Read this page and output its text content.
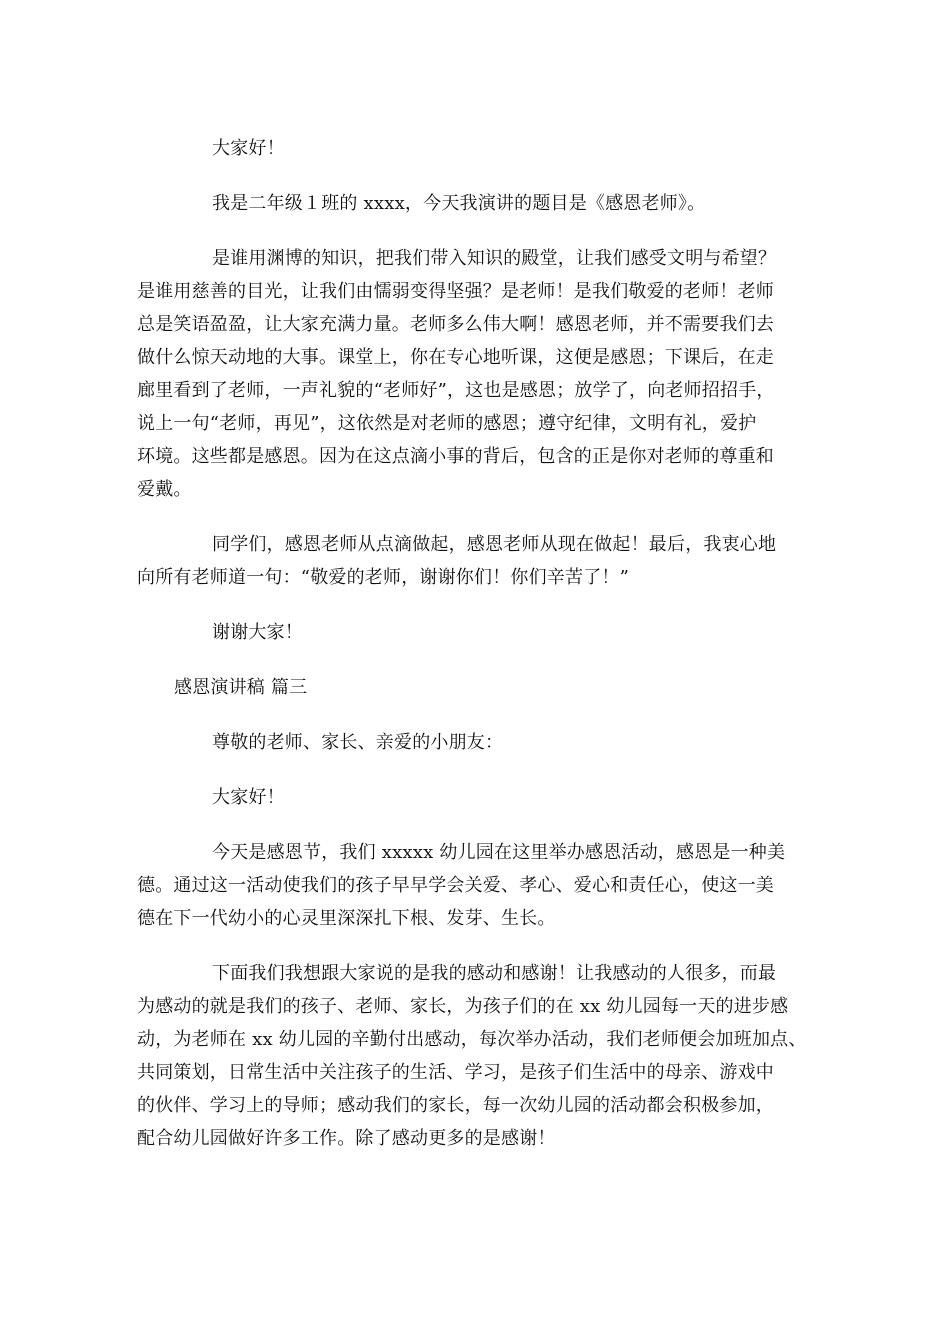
大家好！
我是二年级１班的 xxxx，今天我演讲的题目是《感恩老师》。
是谁用渊博的知识，把我们带入知识的殿堂，让我们感受文明与希望？
是谁用慈善的目光，让我们由懦弱变得坚强？是老师！是我们敬爱的老师！老师
总是笑语盈盈，让大家充满力量。老师多么伟大啊！感恩老师，并不需要我们去
做什么惊天动地的大事。课堂上，你在专心地听课，这便是感恩；下课后，在走
廊里看到了老师，一声礼貌的“老师好”，这也是感恩；放学了，向老师招招手，
说上一句“老师，再见”，这依然是对老师的感恩；遵守纪律，文明有礼，爱护
环境。这些都是感恩。因为在这点滴小事的背后，包含的正是你对老师的尊重和
爱戴。
同学们，感恩老师从点滴做起，感恩老师从现在做起！最后，我衷心地
向所有老师道一句：“敬爱的老师，谢谢你们！你们辛苦了！”
谢谢大家！
感恩演讲稿 篇三
尊敬的老师、家长、亲爱的小朋友：
大家好！
今天是感恩节，我们 xxxxx 幼儿园在这里举办感恩活动，感恩是一种美
德。通过这一活动使我们的孩子早早学会关爱、孝心、爱心和责任心，使这一美
德在下一代幼小的心灵里深深扎下根、发芽、生长。
下面我们我想跟大家说的是我的感动和感谢！让我感动的人很多，而最
为感动的就是我们的孩子、老师、家长，为孩子们的在 xx 幼儿园每一天的进步感
动，为老师在 xx 幼儿园的辛勤付出感动，每次举办活动，我们老师便会加班加点、
共同策划，日常生活中关注孩子的生活、学习，是孩子们生活中的母亲、游戏中
的伙伴、学习上的导师；感动我们的家长，每一次幼儿园的活动都会积极参加，
配合幼儿园做好许多工作。除了感动更多的是感谢！
